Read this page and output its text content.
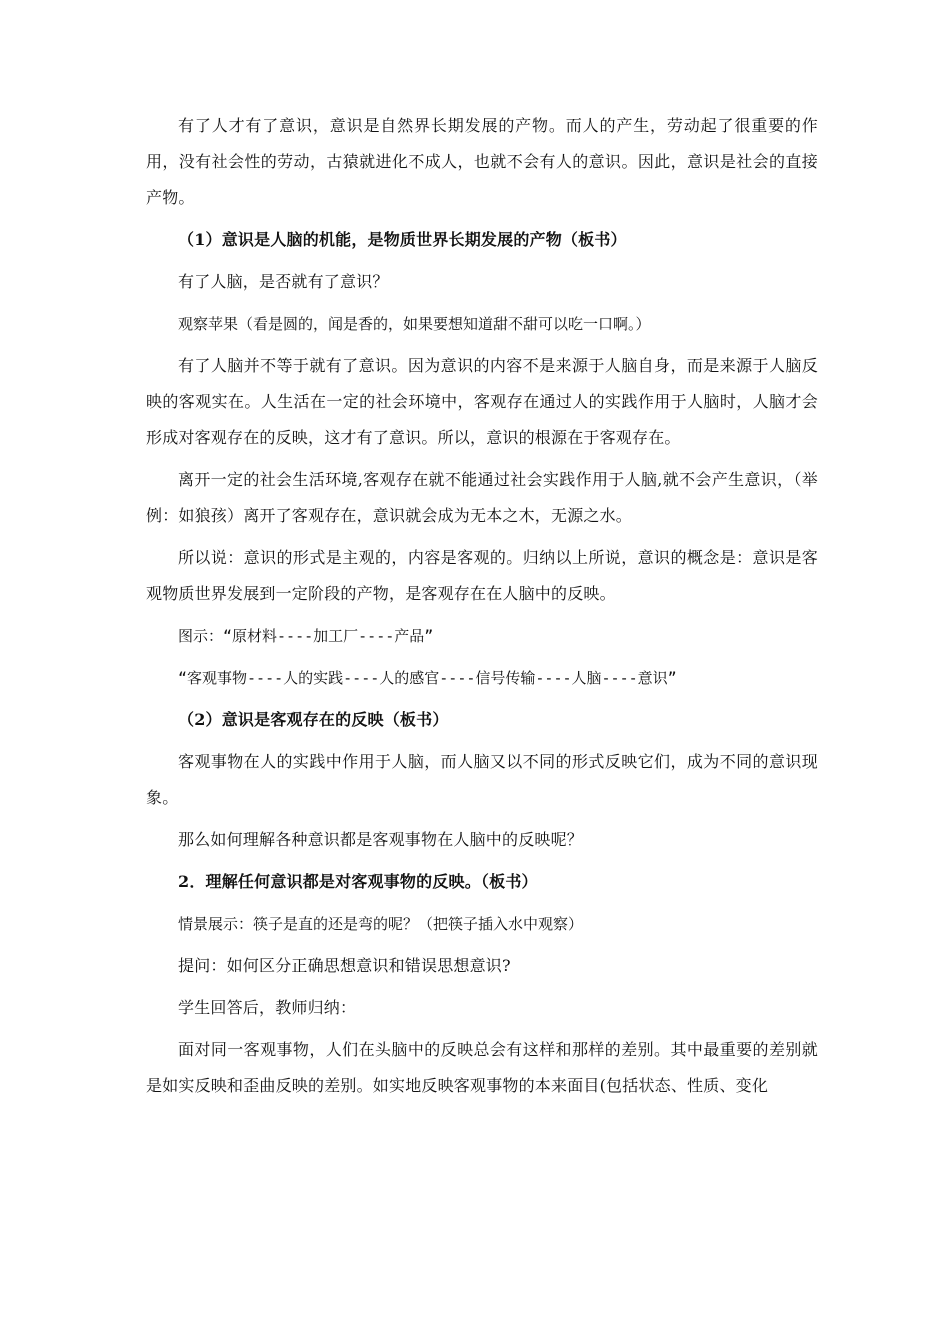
有了人才有了意识，意识是自然界长期发展的产物。而人的产生，劳动起了很重要的作用，没有社会性的劳动，古猿就进化不成人，也就不会有人的意识。因此，意识是社会的直接产物。

（1）意识是人脑的机能，是物质世界长期发展的产物（板书）

有了人脑，是否就有了意识？

观察苹果（看是圆的，闻是香的，如果要想知道甜不甜可以吃一口啊。）

有了人脑并不等于就有了意识。因为意识的内容不是来源于人脑自身，而是来源于人脑反映的客观实在。人生活在一定的社会环境中，客观存在通过人的实践作用于人脑时，人脑才会形成对客观存在的反映，这才有了意识。所以，意识的根源在于客观存在。

离开一定的社会生活环境,客观存在就不能通过社会实践作用于人脑,就不会产生意识，（举例：如狼孩）离开了客观存在，意识就会成为无本之木，无源之水。

所以说：意识的形式是主观的，内容是客观的。归纳以上所说，意识的概念是：意识是客观物质世界发展到一定阶段的产物，是客观存在在人脑中的反映。

图示：“原材料----加工厂----产品”

“客观事物----人的实践----人的感官----信号传输----人脑----意识”

（2）意识是客观存在的反映（板书）

客观事物在人的实践中作用于人脑，而人脑又以不同的形式反映它们，成为不同的意识现象。

那么如何理解各种意识都是客观事物在人脑中的反映呢？

2．理解任何意识都是对客观事物的反映。（板书）

情景展示：筷子是直的还是弯的呢？（把筷子插入水中观察）

提问：如何区分正确思想意识和错误思想意识?

学生回答后，教师归纳：

面对同一客观事物，人们在头脑中的反映总会有这样和那样的差别。其中最重要的差别就是如实反映和歪曲反映的差别。如实地反映客观事物的本来面目(包括状态、性质、变化
